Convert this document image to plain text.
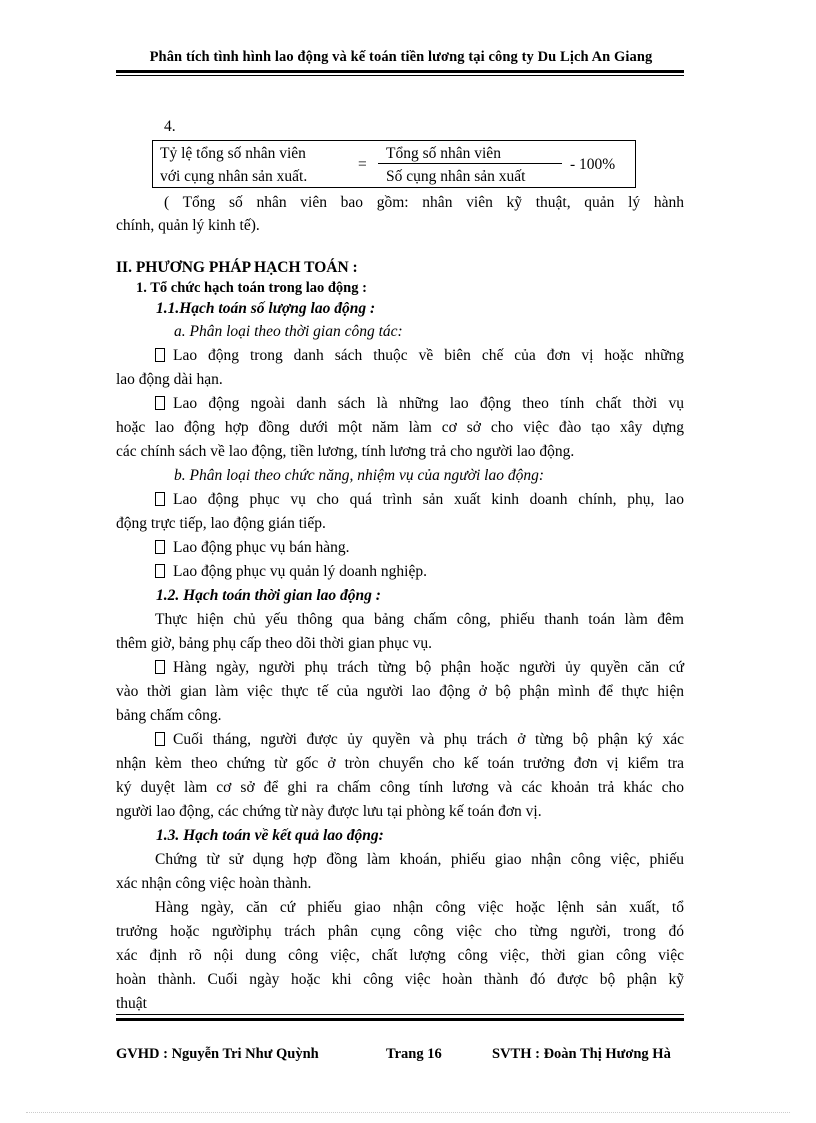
Phân tích tình hình lao động và kế toán tiền lương tại công ty Du Lịch An Giang
4.
Tỷ lệ tổng số nhân viên
với cụng nhân sản xuất.
=
Tổng số nhân viên
Số cụng nhân sản xuất
- 100%
( Tổng số nhân viên bao gồm: nhân viên kỹ thuật, quản lý hành
chính, quản lý kinh tế).
II. PHƯƠNG PHÁP HẠCH TOÁN :
1. Tổ chức hạch toán trong lao động :
1.1.Hạch toán số lượng lao động :
a. Phân loại theo thời gian công tác:
Lao động trong danh sách thuộc về biên chế của đơn vị hoặc những
lao động dài hạn.
Lao động ngoài danh sách là những lao động theo tính chất thời vụ
hoặc lao động hợp đồng dưới một năm làm cơ sở cho việc đào tạo xây dựng
các chính sách về lao động, tiền lương, tính lương trả cho người lao động.
b. Phân loại theo chức năng, nhiệm vụ của người lao động:
Lao động phục vụ cho quá trình sản xuất kinh doanh chính, phụ, lao
động trực tiếp, lao động gián tiếp.
Lao động phục vụ bán hàng.
Lao động phục vụ quản lý doanh nghiệp.
1.2. Hạch toán thời gian lao động :
Thực hiện chủ yếu thông qua bảng chấm công, phiếu thanh toán làm đêm
thêm giờ, bảng phụ cấp theo dõi thời gian phục vụ.
Hàng ngày, người phụ trách từng bộ phận hoặc người ủy quyền căn cứ
vào thời gian làm việc thực tế của người lao động ở bộ phận mình để thực hiện
bảng chấm công.
Cuối tháng, người được ủy quyền và phụ trách ở từng bộ phận ký xác
nhận kèm theo chứng từ gốc ở tròn chuyển cho kế toán trưởng đơn vị kiểm tra
ký duyệt làm cơ sở để ghi ra chấm công tính lương và các khoản trả khác cho
người lao động, các chứng từ này được lưu tại phòng kế toán đơn vị.
1.3. Hạch toán về kết quả lao động:
Chứng từ sử dụng hợp đồng làm khoán, phiếu giao nhận công việc, phiếu
xác nhận công việc hoàn thành.
Hàng ngày, căn cứ phiếu giao nhận công việc hoặc lệnh sản xuất, tổ
trưởng hoặc ngườiphụ trách phân cụng công việc cho từng người, trong đó
xác định rõ nội dung công việc, chất lượng công việc, thời gian công việc
hoàn thành. Cuối ngày hoặc khi công việc hoàn thành đó được bộ phận kỹ
thuật
GVHD : Nguyễn Tri Như Quỳnh	Trang 16	SVTH : Đoàn Thị Hương Hà
